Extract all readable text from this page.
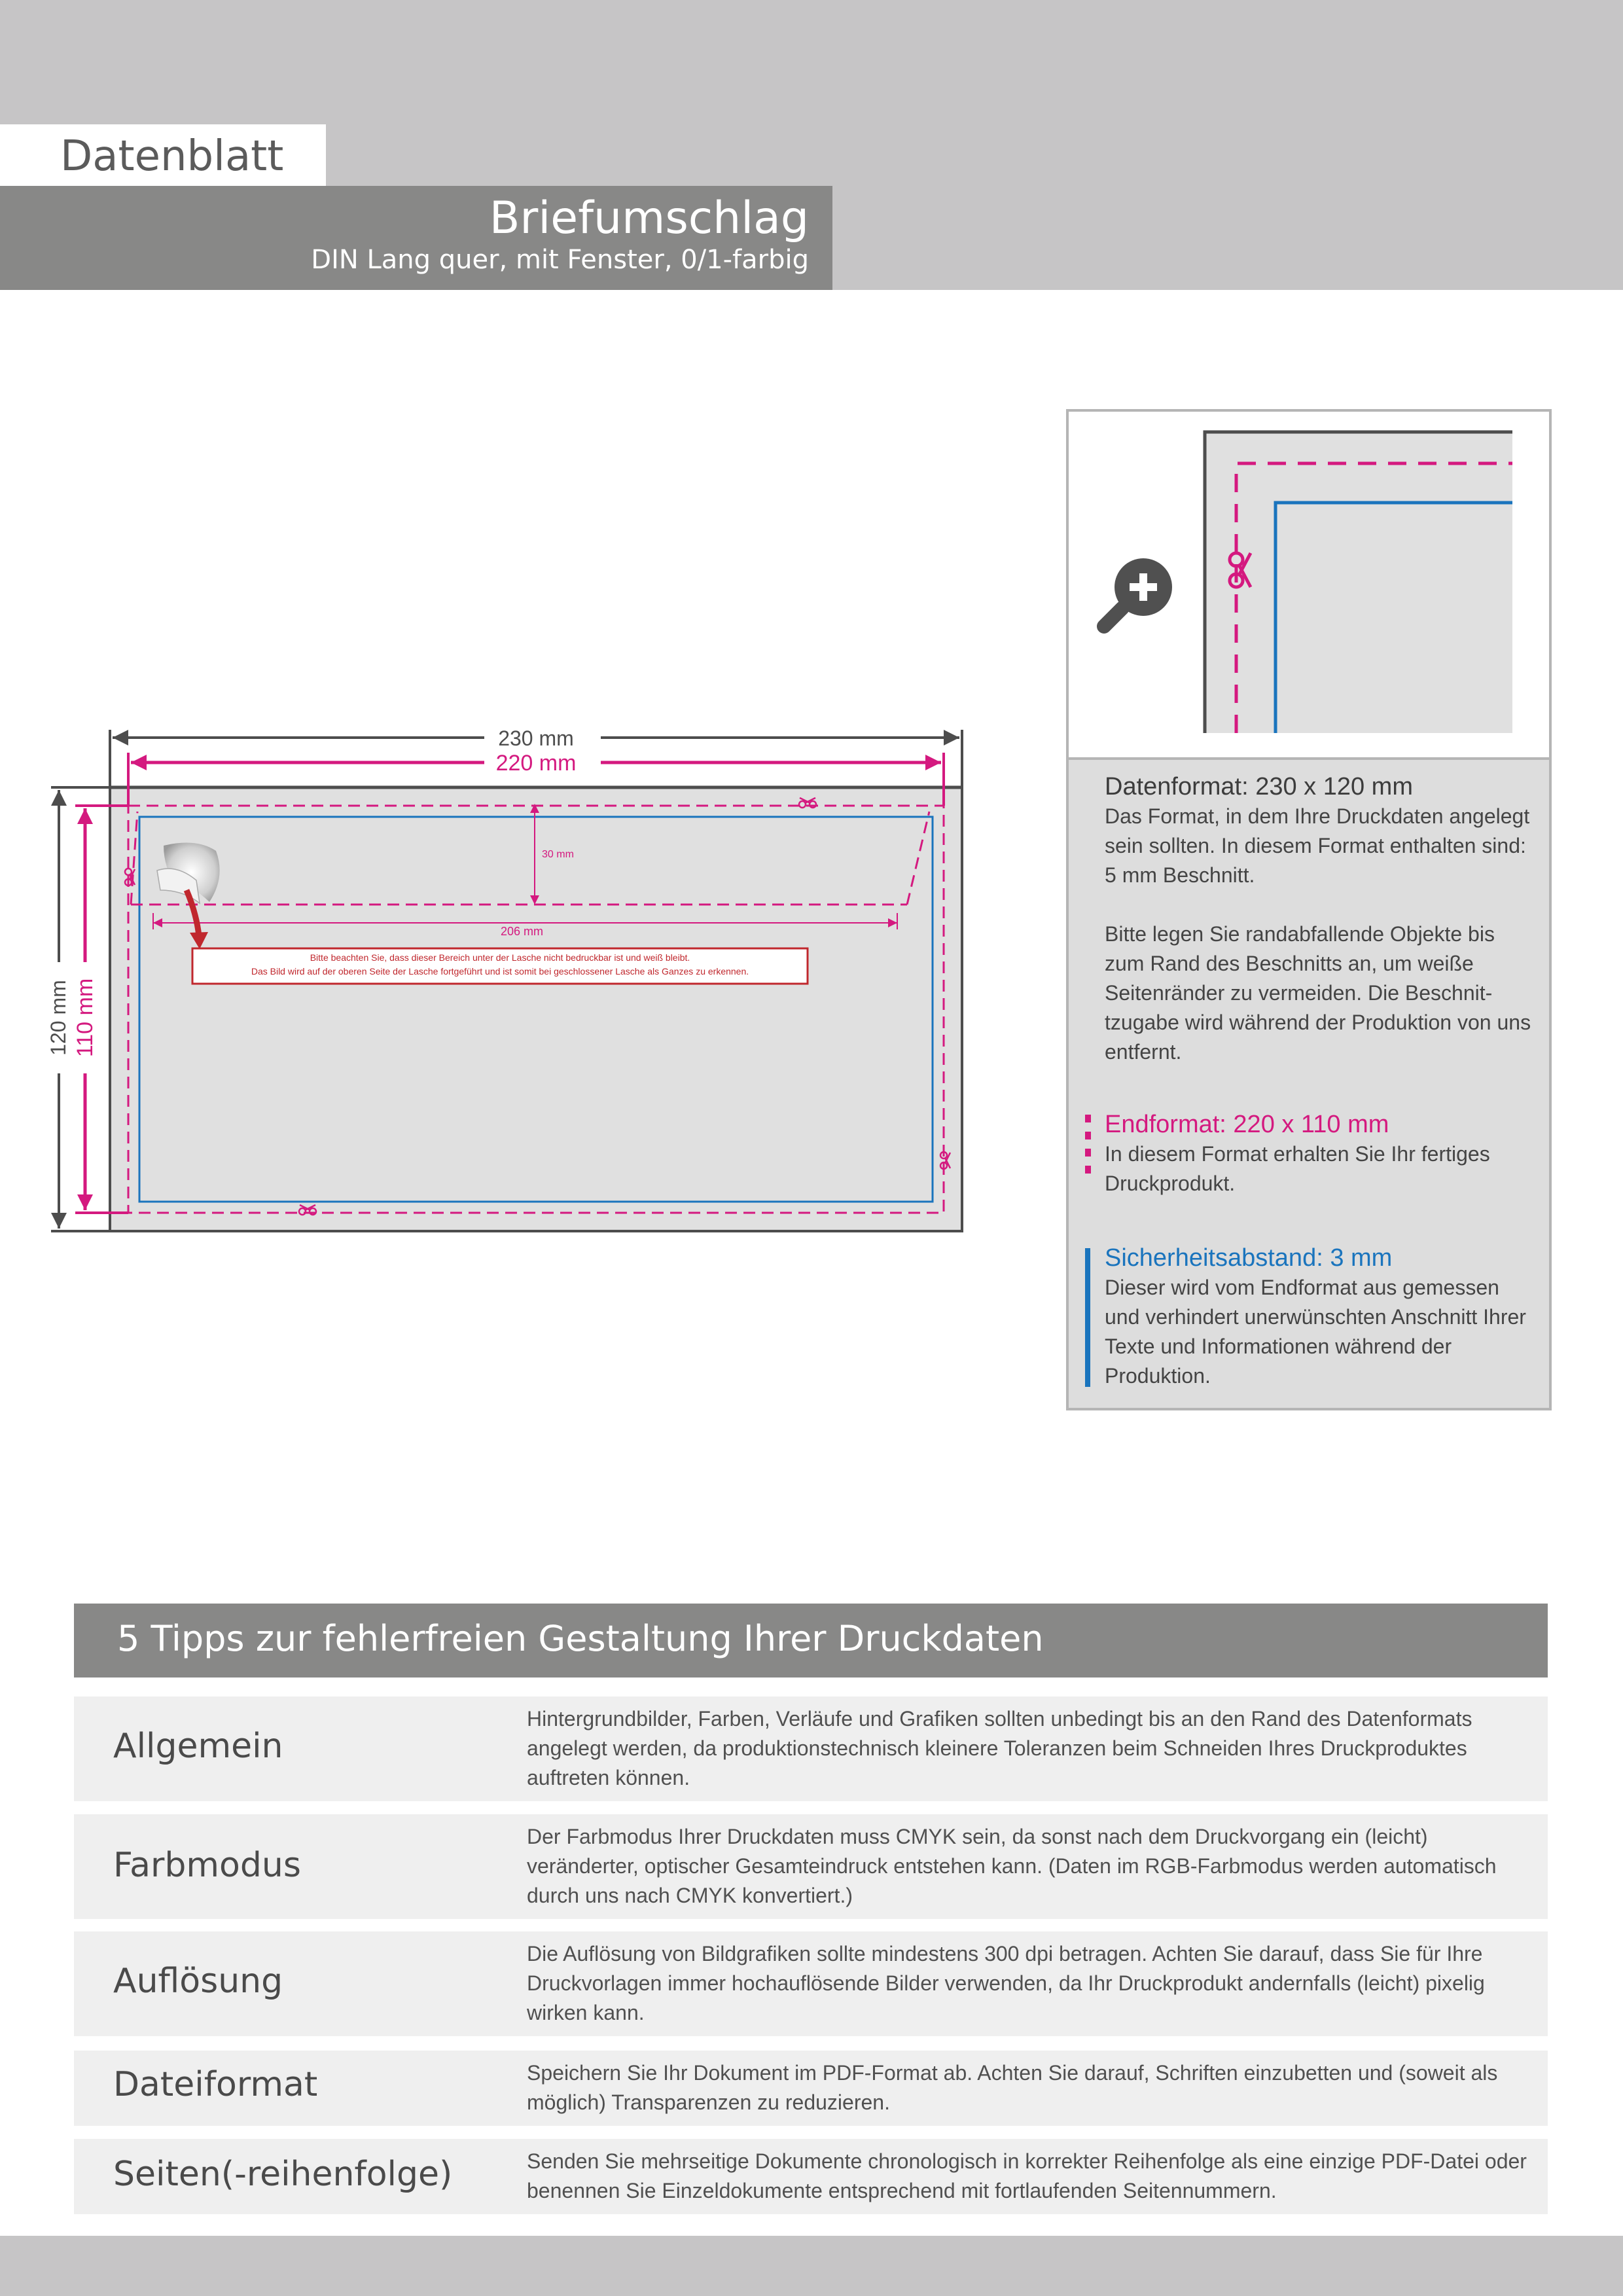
Datenblatt
Briefumschlag
DIN Lang quer, mit Fenster, 0/1-farbig
30 mm
206 mm
Bitte beachten Sie, dass dieser Bereich unter der Lasche nicht bedruckbar ist und weiß bleibt.
Das Bild wird auf der oberen Seite der Lasche fortgeführt und ist somit bei geschlossener Lasche als Ganzes zu erkennen.
230 mm
220 mm
120 mm 110 mm
Datenformat: 230 x 120 mm
Das Format, in dem Ihre Druckdaten angelegt sein sollten. In diesem Format enthalten sind: 5 mm Beschnitt.
Bitte legen Sie randabfallende Objekte bis zum Rand des Beschnitts an, um weiße Seitenränder zu vermeiden. Die Beschnit-tzugabe wird während der Produktion von uns entfernt.
Endformat: 220 x 110 mm
In diesem Format erhalten Sie Ihr fertiges Druckprodukt.
Sicherheitsabstand: 3 mm
Dieser wird vom Endformat aus gemessen und verhindert unerwünschten Anschnitt Ihrer Texte und Informationen während der Produktion.
5 Tipps zur fehlerfreien Gestaltung Ihrer Druckdaten
Allgemein
Hintergrundbilder, Farben, Verläufe und Grafiken sollten unbedingt bis an den Rand des Datenformats angelegt werden, da produktionstechnisch kleinere Toleranzen beim Schneiden Ihres Druckproduktes auftreten können.
Farbmodus
Der Farbmodus Ihrer Druckdaten muss CMYK sein, da sonst nach dem Druckvorgang ein (leicht) veränderter, optischer Gesamteindruck entstehen kann. (Daten im RGB-Farbmodus werden automatisch durch uns nach CMYK konvertiert.)
Auflösung
Die Auflösung von Bildgrafiken sollte mindestens 300 dpi betragen. Achten Sie darauf, dass Sie für Ihre Druckvorlagen immer hochauflösende Bilder verwenden, da Ihr Druckprodukt andernfalls (leicht) pixelig wirken kann.
Dateiformat	Speichern Sie Ihr Dokument im PDF-Format ab. Achten Sie darauf, Schriften einzubetten und (soweit als möglich) Transparenzen zu reduzieren.
Seiten(-reihenfolge)	Senden Sie mehrseitige Dokumente chronologisch in korrekter Reihenfolge als eine einzige PDF-Datei oder benennen Sie Einzeldokumente entsprechend mit fortlaufenden Seitennummern.
